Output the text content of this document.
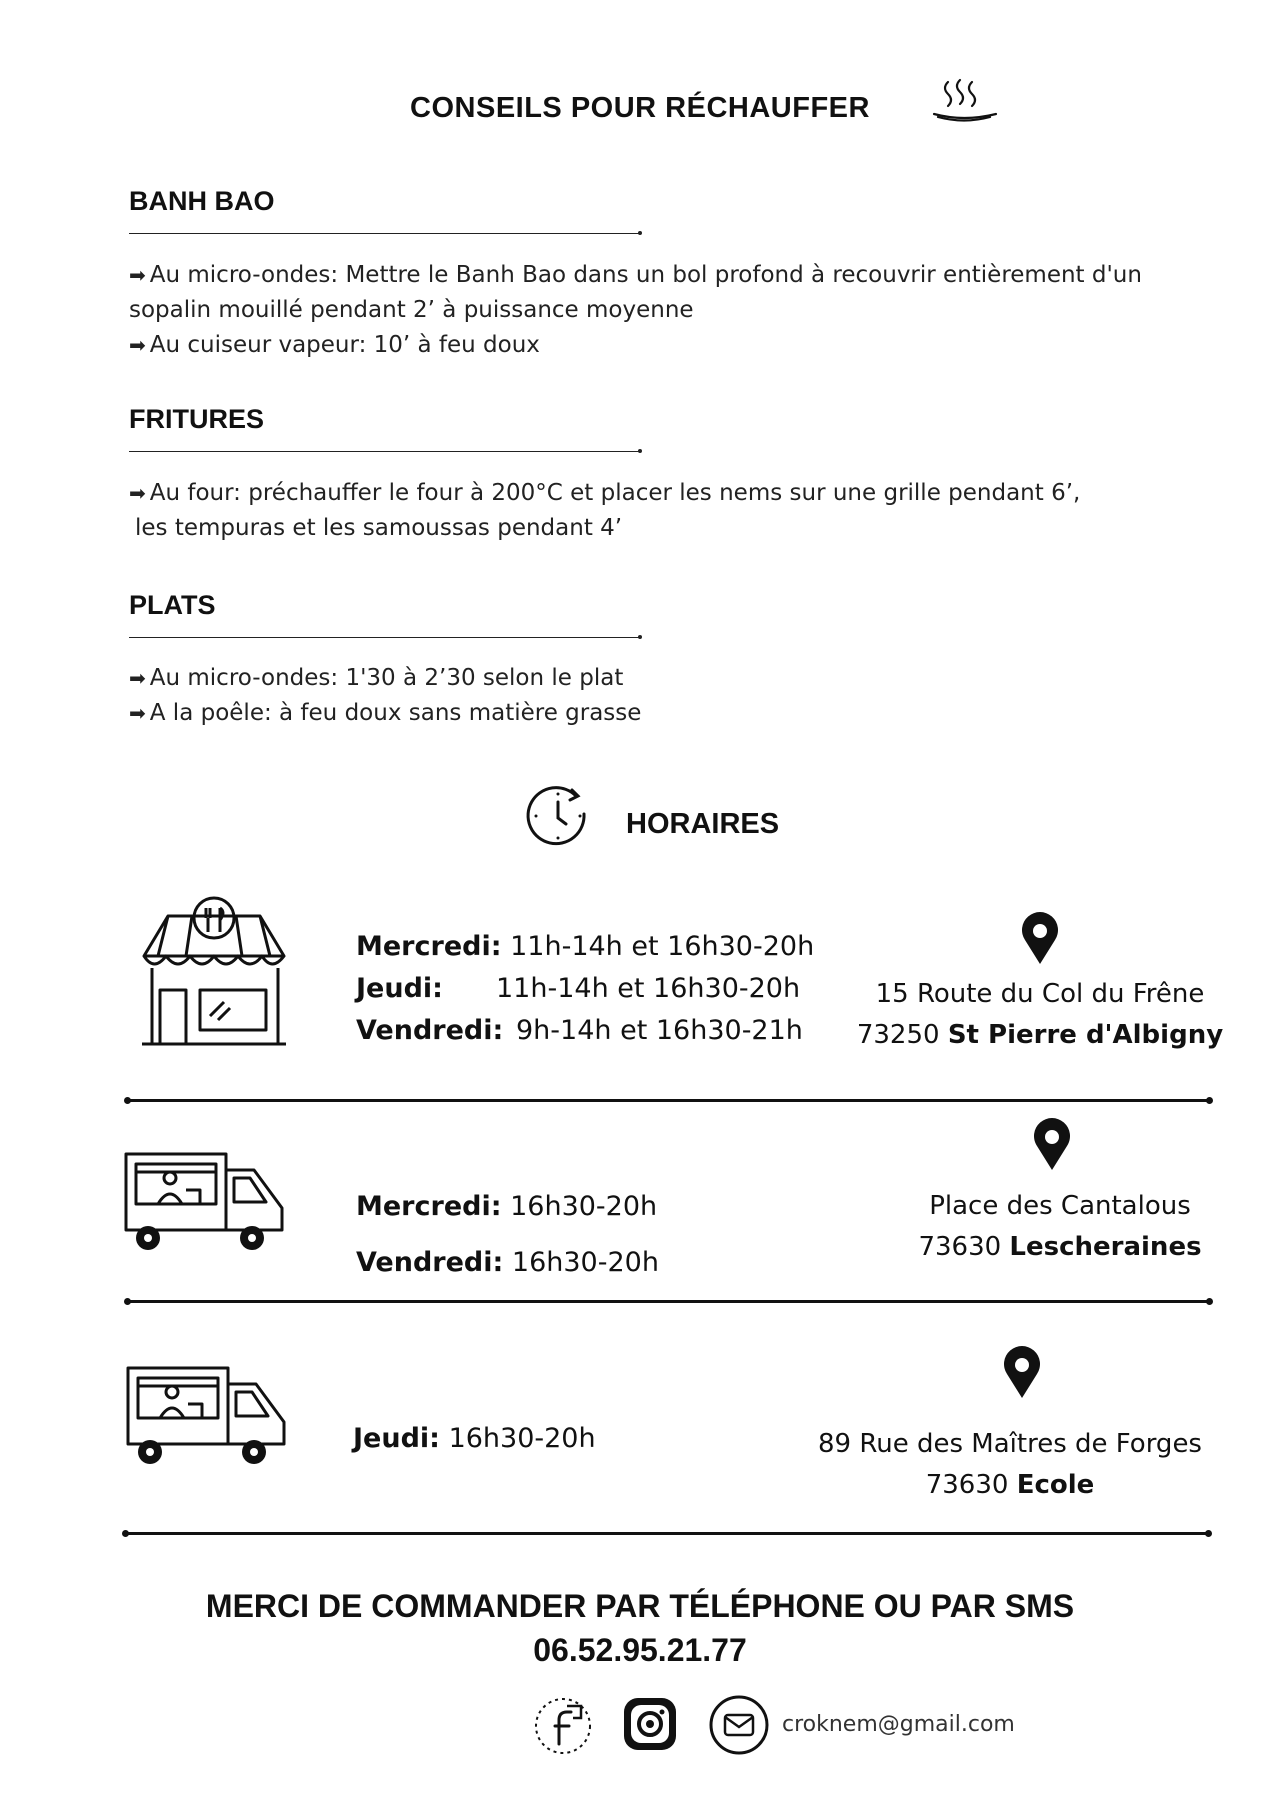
CONSEILS POUR RÉCHAUFFER
BANH BAO
➡ Au micro-ondes: Mettre le Banh Bao dans un bol profond à recouvrir entièrement d'un
sopalin mouillé pendant 2’ à puissance moyenne
➡ Au cuiseur vapeur: 10’ à feu doux
FRITURES
➡ Au four: préchauffer le four à 200°C et placer les nems sur une grille pendant 6’,
les tempuras et les samoussas pendant 4’
PLATS
➡ Au micro-ondes: 1'30 à 2’30 selon le plat
➡ A la poêle: à feu doux sans matière grasse
HORAIRES
Mercredi: 11h-14h et 16h30-20h
Jeudi: 11h-14h et 16h30-20h
Vendredi: 9h-14h et 16h30-21h
15 Route du Col du Frêne
73250 St Pierre d'Albigny
Mercredi: 16h30-20h
Vendredi: 16h30-20h
Place des Cantalous
73630 Lescheraines
Jeudi: 16h30-20h	89 Rue des Maîtres de Forges
73630 Ecole
MERCI DE COMMANDER PAR TÉLÉPHONE OU PAR SMS
06.52.95.21.77
croknem@gmail.com
